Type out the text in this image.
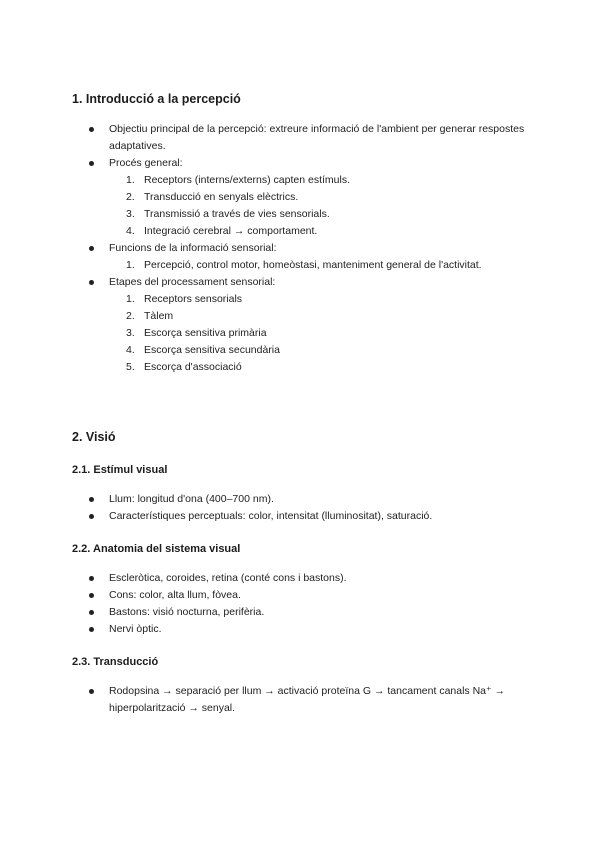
1. Introducció a la percepció
Objectiu principal de la percepció: extreure informació de l'ambient per generar respostes adaptatives.
Procés general:
1. Receptors (interns/externs) capten estímuls.
2. Transducció en senyals elèctrics.
3. Transmissió a través de vies sensorials.
4. Integració cerebral → comportament.
Funcions de la informació sensorial:
1. Percepció, control motor, homeòstasi, manteniment general de l'activitat.
Etapes del processament sensorial:
1. Receptors sensorials
2. Tàlem
3. Escorça sensitiva primària
4. Escorça sensitiva secundària
5. Escorça d'associació
2. Visió
2.1. Estímul visual
Llum: longitud d'ona (400–700 nm).
Característiques perceptuals: color, intensitat (lluminositat), saturació.
2.2. Anatomia del sistema visual
Escleròtica, coroides, retina (conté cons i bastons).
Cons: color, alta llum, fòvea.
Bastons: visió nocturna, perifèria.
Nervi òptic.
2.3. Transducció
Rodopsina → separació per llum → activació proteïna G → tancament canals Na⁺ → hiperpolarització → senyal.
